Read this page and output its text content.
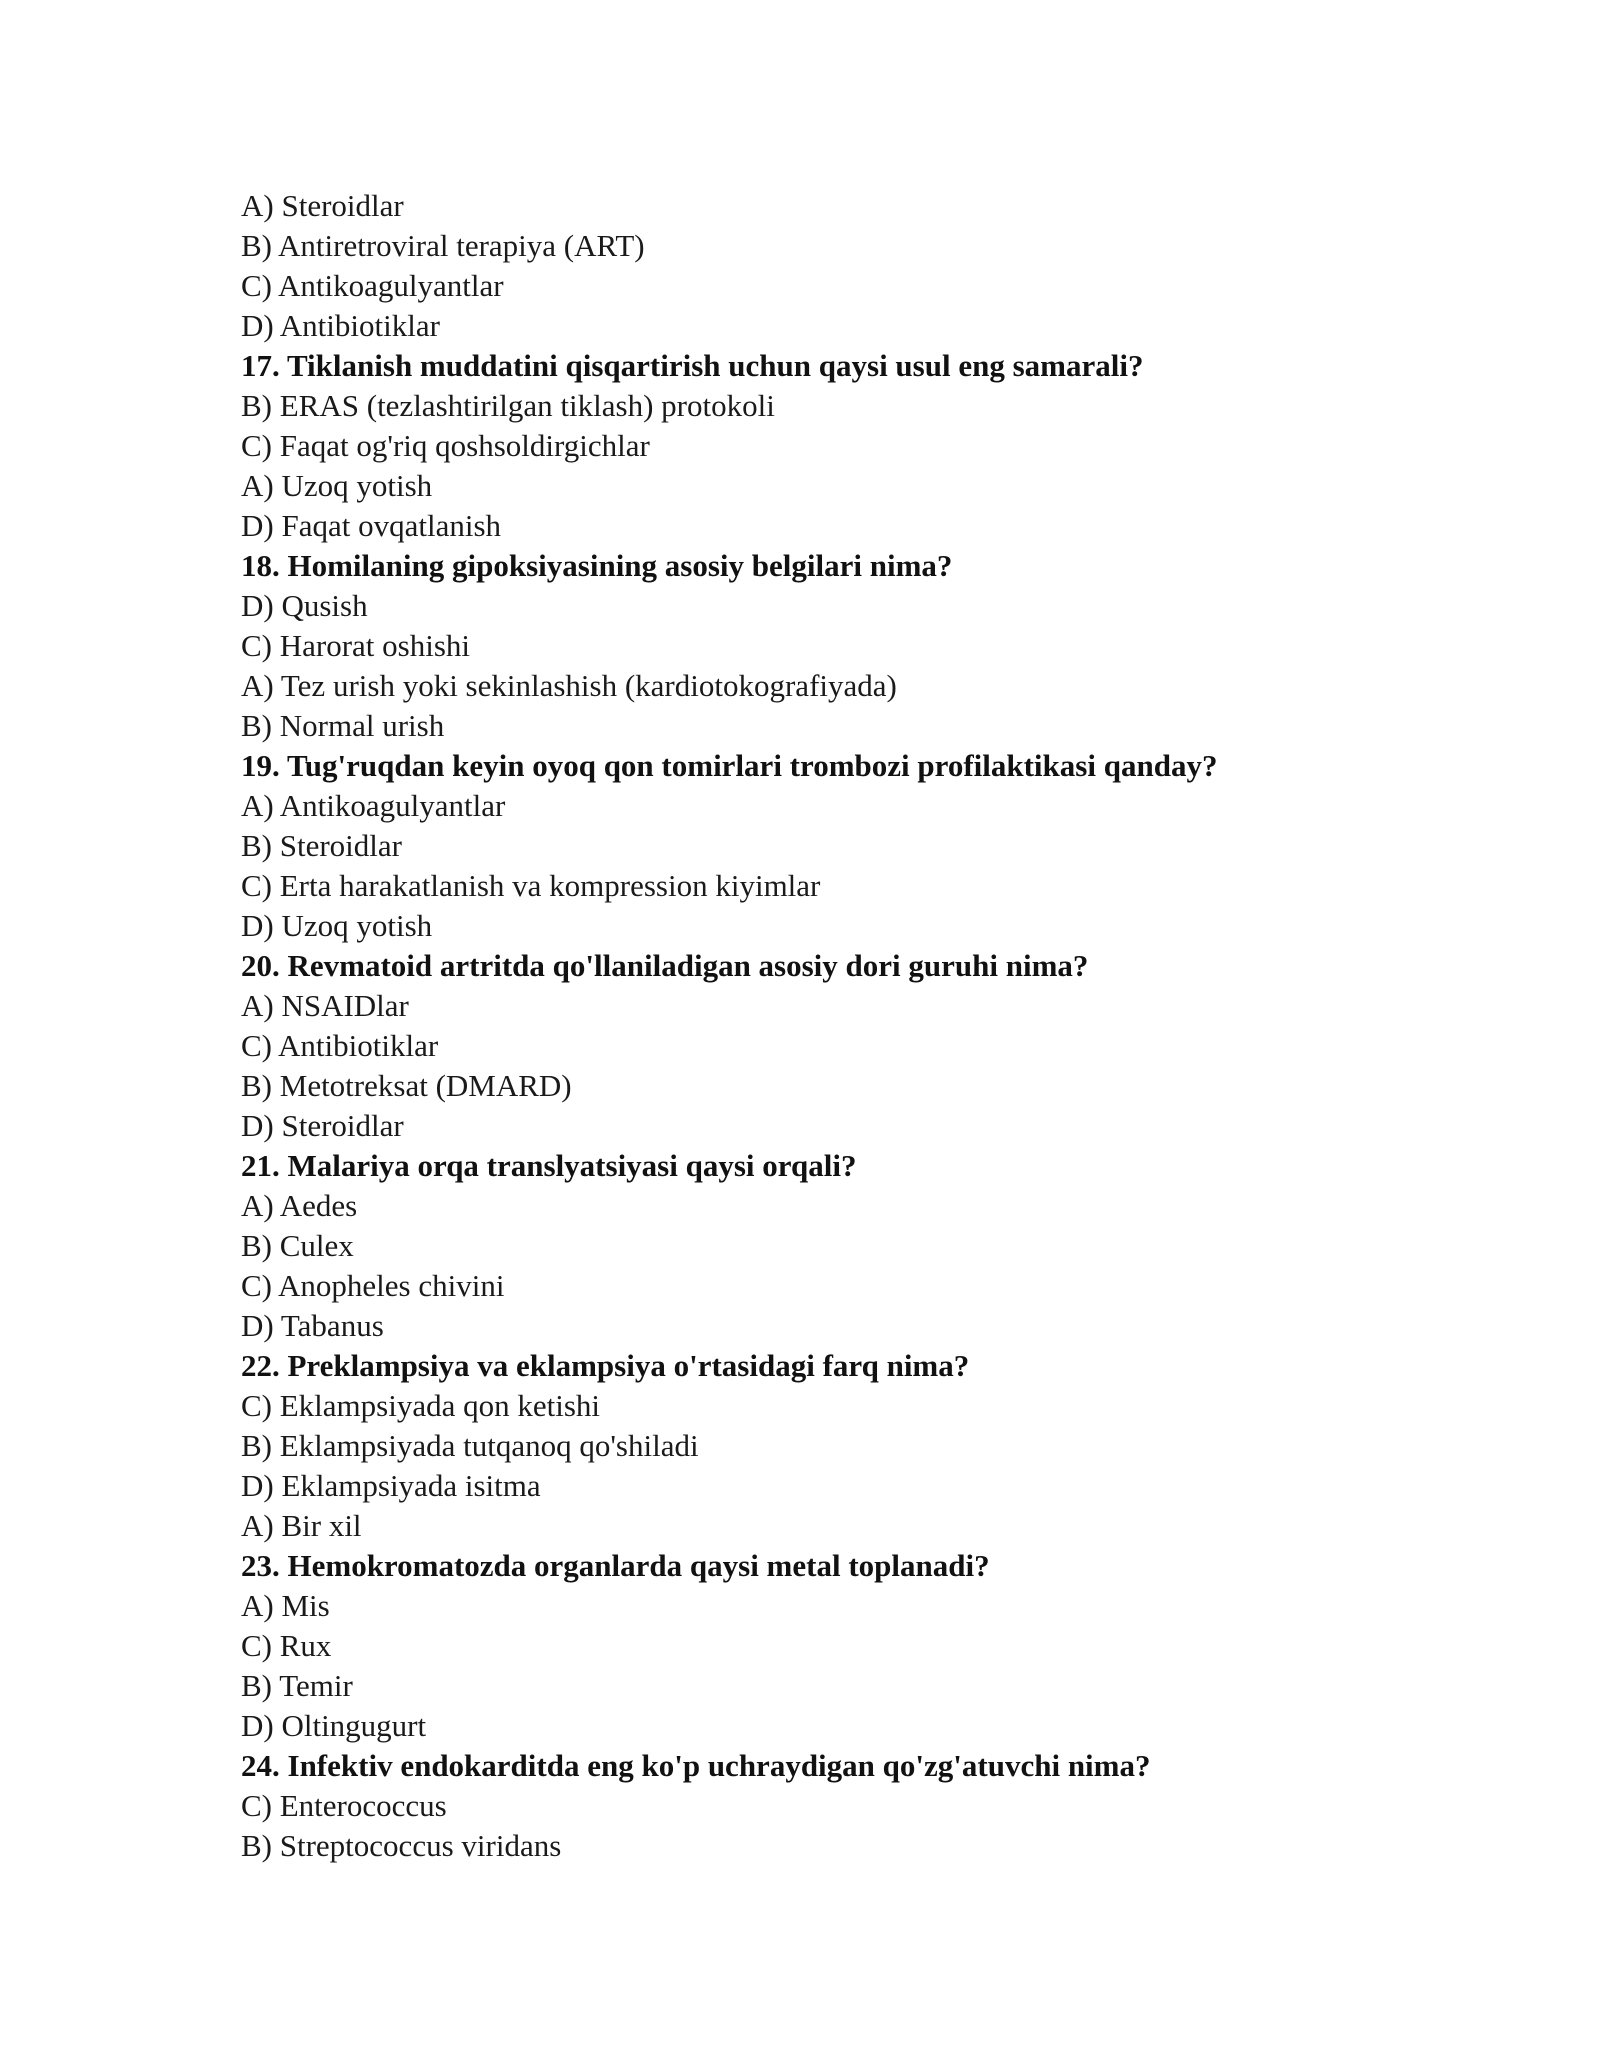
A) Steroidlar
B) Antiretroviral terapiya (ART)
C) Antikoagulyantlar
D) Antibiotiklar
17. Tiklanish muddatini qisqartirish uchun qaysi usul eng samarali?
B) ERAS (tezlashtirilgan tiklash) protokoli
C) Faqat og'riq qoshsoldirgichlar
A) Uzoq yotish
D) Faqat ovqatlanish
18. Homilaning gipoksiyasining asosiy belgilari nima?
D) Qusish
C) Harorat oshishi
A) Tez urish yoki sekinlashish (kardiotokografiyada)
B) Normal urish
19. Tug'ruqdan keyin oyoq qon tomirlari trombozi profilaktikasi qanday?
A) Antikoagulyantlar
B) Steroidlar
C) Erta harakatlanish va kompression kiyimlar
D) Uzoq yotish
20. Revmatoid artritda qo'llaniladigan asosiy dori guruhi nima?
A) NSAIDlar
C) Antibiotiklar
B) Metotreksat (DMARD)
D) Steroidlar
21. Malariya orqa translyatsiyasi qaysi orqali?
A) Aedes
B) Culex
C) Anopheles chivini
D) Tabanus
22. Preklampsiya va eklampsiya o'rtasidagi farq nima?
C) Eklampsiyada qon ketishi
B) Eklampsiyada tutqanoq qo'shiladi
D) Eklampsiyada isitma
A) Bir xil
23. Hemokromatozda organlarda qaysi metal toplanadi?
A) Mis
C) Rux
B) Temir
D) Oltingugurt
24. Infektiv endokarditda eng ko'p uchraydigan qo'zg'atuvchi nima?
C) Enterococcus
B) Streptococcus viridans
